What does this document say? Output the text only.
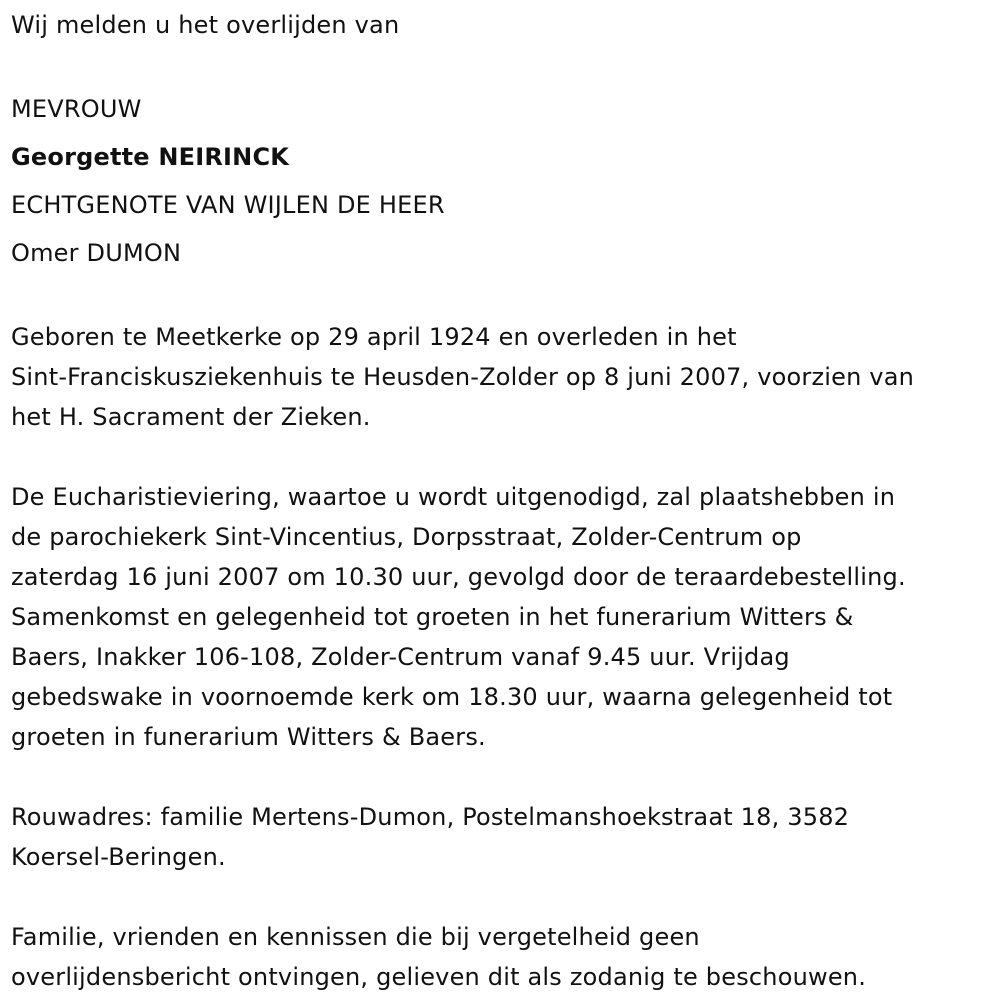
Wij melden u het overlijden van
MEVROUW
Georgette NEIRINCK
ECHTGENOTE VAN WIJLEN DE HEER
Omer DUMON
Geboren te Meetkerke op 29 april 1924 en overleden in het
Sint-Franciskusziekenhuis te Heusden-Zolder op 8 juni 2007, voorzien van
het H. Sacrament der Zieken.
De Eucharistieviering, waartoe u wordt uitgenodigd, zal plaatshebben in
de parochiekerk Sint-Vincentius, Dorpsstraat, Zolder-Centrum op
zaterdag 16 juni 2007 om 10.30 uur, gevolgd door de teraardebestelling.
Samenkomst en gelegenheid tot groeten in het funerarium Witters &
Baers, Inakker 106-108, Zolder-Centrum vanaf 9.45 uur. Vrijdag
gebedswake in voornoemde kerk om 18.30 uur, waarna gelegenheid tot
groeten in funerarium Witters & Baers.
Rouwadres: familie Mertens-Dumon, Postelmanshoekstraat 18, 3582
Koersel-Beringen.
Familie, vrienden en kennissen die bij vergetelheid geen
overlijdensbericht ontvingen, gelieven dit als zodanig te beschouwen.
